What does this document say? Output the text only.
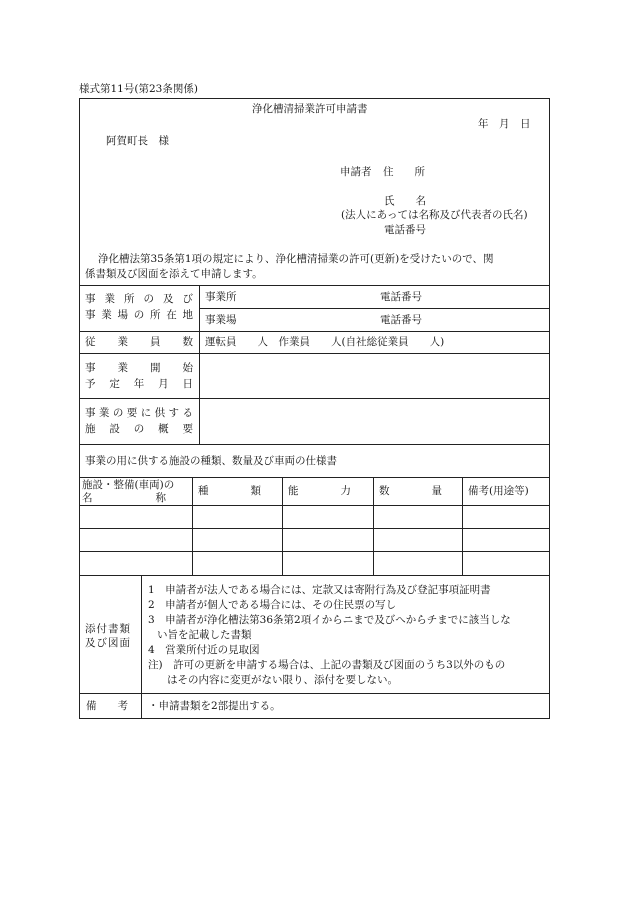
様式第11号(第23条関係)
浄化槽清掃業許可申請書
年　月　日
阿賀町長　様
申請者 住　　所
氏　　名
(法人にあっては名称及び代表者の氏名)
電話番号
浄化槽法第35条第1項の規定により、浄化槽清掃業の許可(更新)を受けたいので、関
係書類及び図面を添えて申請します。
事 業 所 の 及 び
事 業 場 の 所 在 地
事業所	電話番号
事業場	電話番号
従 業 員 数 運転員　　人　作業員　　人(自社総従業員　　人)
事 業 開 始
予 定 年 月 日
事 業 の 要 に 供 す る
施 設 の 概 要
事業の用に供する施設の種類、数量及び車両の仕様書
施設・整備(車両)の
名　　　　　　称
種　　　　類	能　　　　力	数　　　　量 備考(用途等)
添付書類
及び図面
1　申請者が法人である場合には、定款又は寄附行為及び登記事項証明書
2　申請者が個人である場合には、その住民票の写し
3　申請者が浄化槽法第36条第2項イからニまで及びへからチまでに該当しな
い旨を記載した書類
4　営業所付近の見取図
注)　許可の更新を申請する場合は、上記の書類及び図面のうち3以外のもの
はその内容に変更がない限り、添付を要しない。
備　　考 ・申請書類を2部提出する。
